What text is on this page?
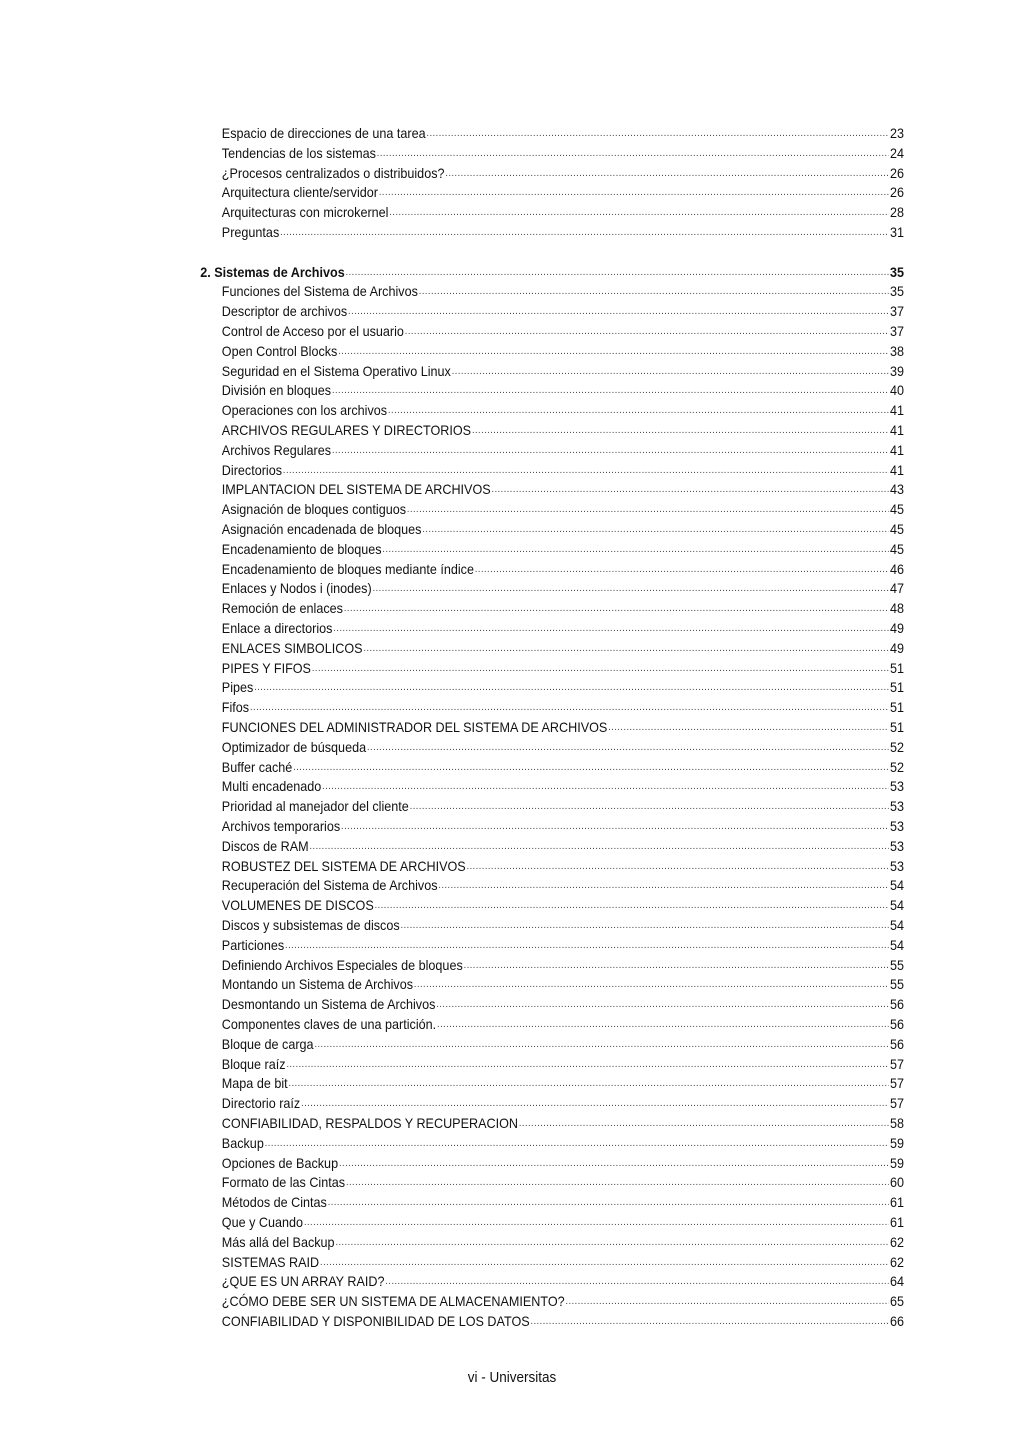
Espacio de direcciones de una tarea .....	23
Tendencias de los sistemas .....	24
¿Procesos centralizados o distribuidos? .....	26
Arquitectura cliente/servidor .....	26
Arquitecturas con microkernel .....	28
Preguntas .....	31
2. Sistemas de Archivos .....	35
Funciones del Sistema de Archivos .....	35
Descriptor de archivos .....	37
Control de Acceso por el usuario .....	37
Open Control Blocks .....	38
Seguridad en el Sistema Operativo Linux .....	39
División en bloques .....	40
Operaciones con los archivos .....	41
ARCHIVOS REGULARES Y DIRECTORIOS .....	41
Archivos Regulares .....	41
Directorios .....	41
IMPLANTACION DEL SISTEMA DE ARCHIVOS .....	43
Asignación de bloques contiguos .....	45
Asignación encadenada de bloques .....	45
Encadenamiento de bloques .....	45
Encadenamiento de bloques mediante índice .....	46
Enlaces y Nodos i (inodes) .....	47
Remoción de enlaces .....	48
Enlace a directorios .....	49
ENLACES SIMBOLICOS .....	49
PIPES Y FIFOS .....	51
Pipes .....	51
Fifos .....	51
FUNCIONES DEL ADMINISTRADOR DEL SISTEMA DE ARCHIVOS .....	51
Optimizador de búsqueda .....	52
Buffer caché .....	52
Multi encadenado .....	53
Prioridad al manejador del cliente .....	53
Archivos temporarios .....	53
Discos de RAM .....	53
ROBUSTEZ DEL SISTEMA DE ARCHIVOS .....	53
Recuperación del Sistema de Archivos .....	54
VOLUMENES DE DISCOS .....	54
Discos y subsistemas de discos .....	54
Particiones .....	54
Definiendo Archivos Especiales de bloques .....	55
Montando un Sistema de Archivos .....	55
Desmontando un Sistema de Archivos .....	56
Componentes claves de una partición. .....	56
Bloque de carga .....	56
Bloque raíz .....	57
Mapa de bit .....	57
Directorio raíz .....	57
CONFIABILIDAD, RESPALDOS Y RECUPERACION .....	58
Backup .....	59
Opciones de Backup .....	59
Formato de las Cintas .....	60
Métodos de Cintas .....	61
Que y Cuando .....	61
Más allá del Backup .....	62
SISTEMAS RAID .....	62
¿QUE ES UN ARRAY RAID? .....	64
¿CÓMO DEBE SER UN SISTEMA DE ALMACENAMIENTO? .....	65
CONFIABILIDAD Y DISPONIBILIDAD DE LOS DATOS .....	66
vi - Universitas
